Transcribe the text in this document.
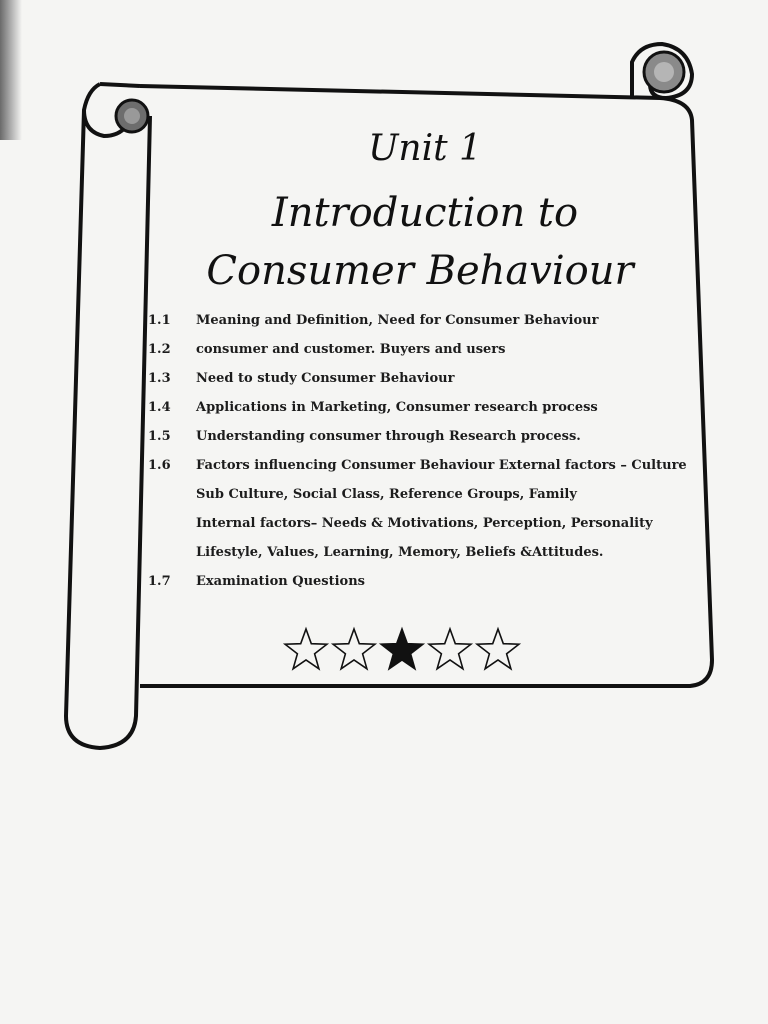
Unit 1
Introduction to
Consumer Behaviour
1.1	Meaning and Definition, Need for Consumer Behaviour
1.2	consumer and customer. Buyers and users
1.3	Need to study Consumer Behaviour
1.4	Applications in Marketing, Consumer research process
1.5	Understanding consumer through Research process.
1.6	Factors influencing Consumer Behaviour External factors – Culture
Sub Culture, Social Class, Reference Groups, Family
Internal factors– Needs & Motivations, Perception, Personality
Lifestyle, Values, Learning, Memory, Beliefs &Attitudes.
1.7	Examination Questions
